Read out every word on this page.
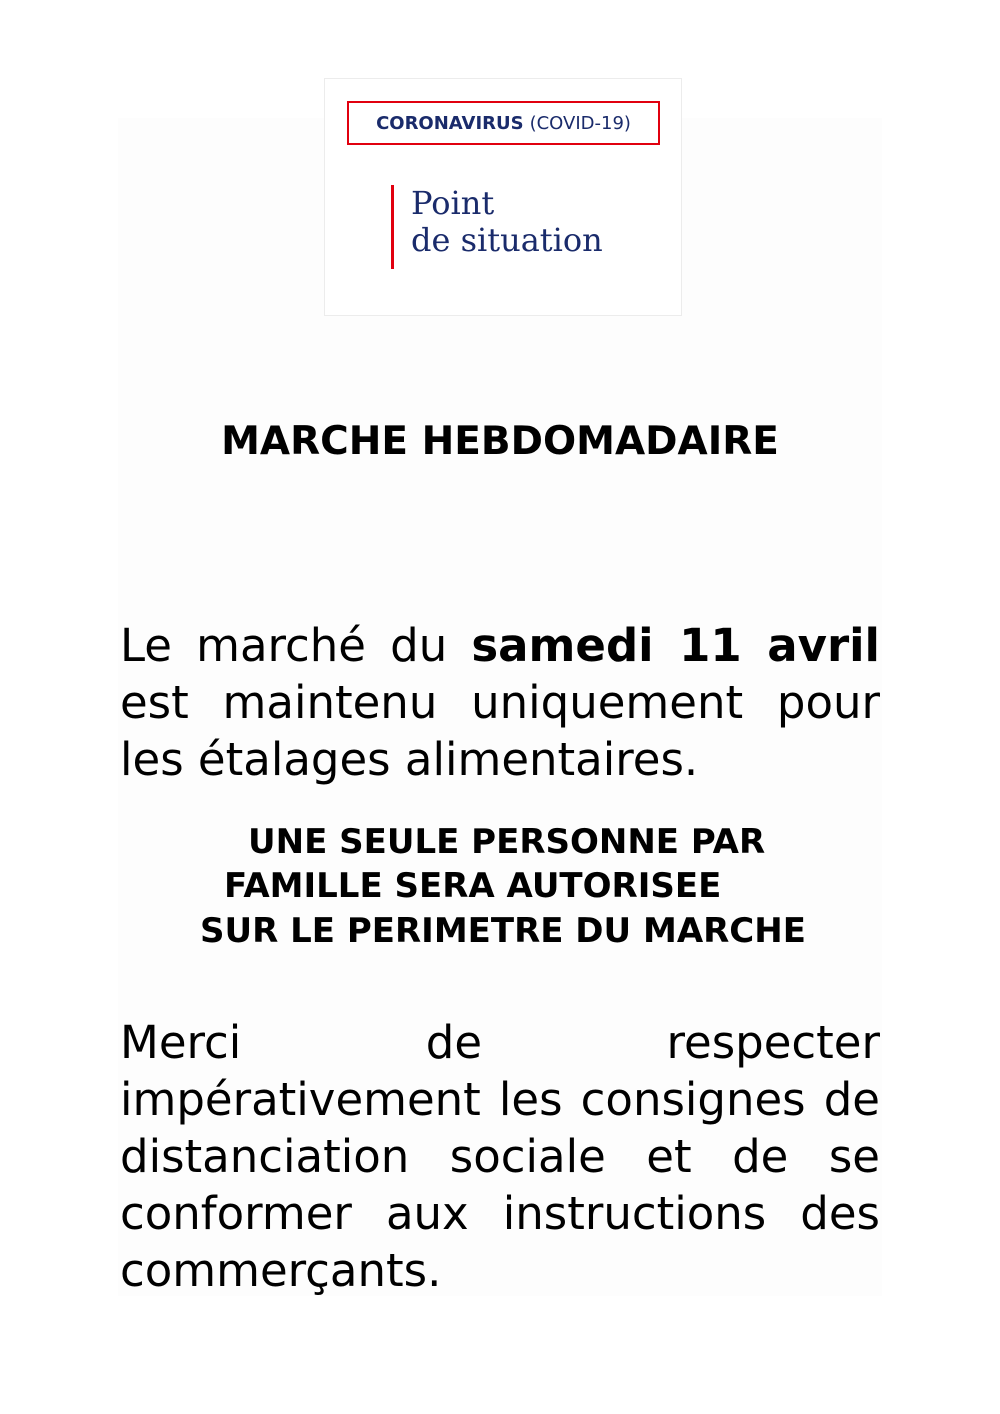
CORONAVIRUS (COVID-19)
Point
de situation
MARCHE HEBDOMADAIRE

Le marché du samedi 11 avril est maintenu uniquement pour les étalages alimentaires.

UNE SEULE PERSONNE PAR

FAMILLE SERA AUTORISEE

SUR LE PERIMETRE DU MARCHE

Merci de respecter impérativement les consignes de distanciation sociale et de se conformer aux instructions des commerçants.
